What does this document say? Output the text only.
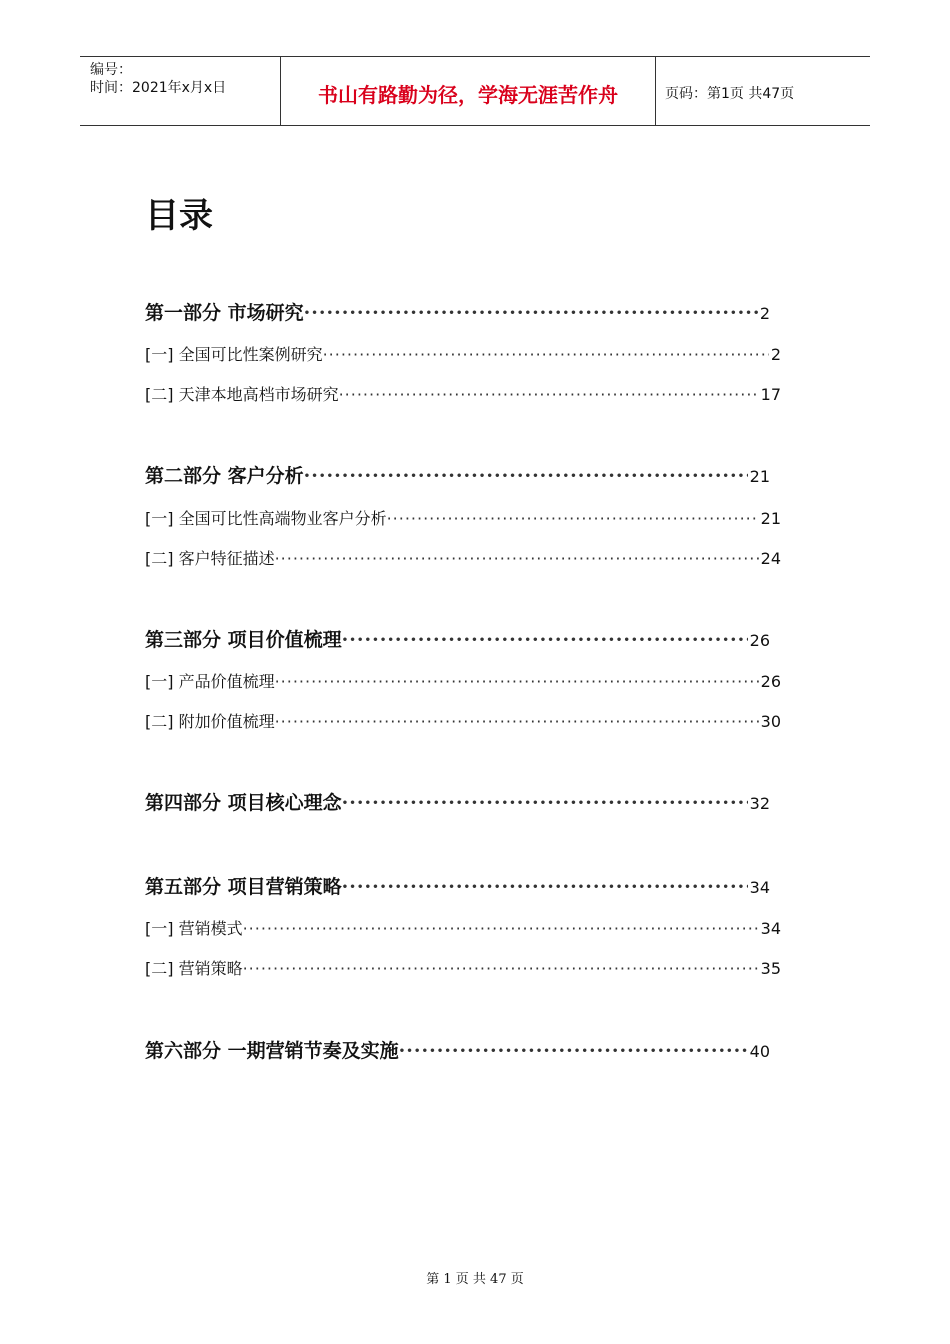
编号：
时间：2021年x月x日	书山有路勤为径，学海无涯苦作舟	页码：第1页 共47页
目录
第一部分 市场研究 ·····	2
[一] 全国可比性案例研究 ·····	2
[二] 天津本地高档市场研究 ·····	17
第二部分 客户分析 ·····	21
[一] 全国可比性高端物业客户分析 ·····	21
[二] 客户特征描述 ·····	24
第三部分 项目价值梳理 ·····	26
[一] 产品价值梳理 ·····	26
[二] 附加价值梳理 ·····	30
第四部分 项目核心理念 ·····	32
第五部分 项目营销策略 ·····	34
[一] 营销模式 ·····	34
[二] 营销策略 ·····	35
第六部分 一期营销节奏及实施 ·····	40
第 1 页 共 47 页
